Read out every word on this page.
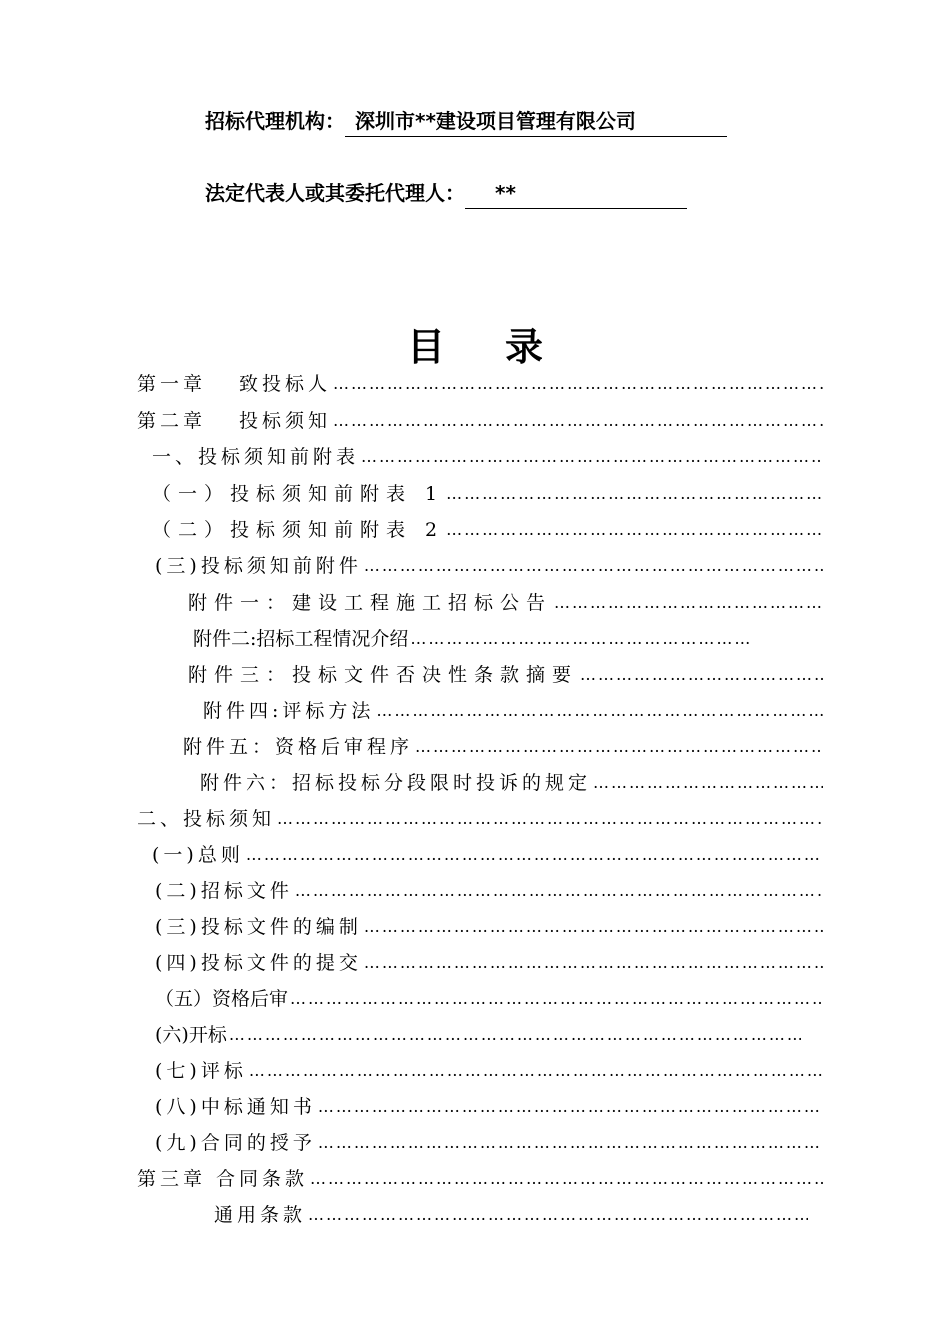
招标代理机构： 深圳市**建设项目管理有限公司
法定代表人或其委托代理人： **
目录
第一章　 致投标人
………………………………………………………………………………………………………………………………
第二章　 投标须知
………………………………………………………………………………………………………………………………
一、投标须知前附表
………………………………………………………………………………………………………………………………
（一）投标须知前附表 1
………………………………………………………………………………………………………………………………
（二）投标须知前附表 2
………………………………………………………………………………………………………………………………
(三)投标须知前附件
………………………………………………………………………………………………………………………………
附件一：建设工程施工招标公告
………………………………………………………………………………………………………………………………
附件二:招标工程情况介绍
………………………………………………………………………………………………………………………………
附件三：投标文件否决性条款摘要
………………………………………………………………………………………………………………………………
附件四:评标方法
………………………………………………………………………………………………………………………………
附件五：资格后审程序
………………………………………………………………………………………………………………………………
附件六：招标投标分段限时投诉的规定
………………………………………………………………………………………………………………………………
二、投标须知
………………………………………………………………………………………………………………………………
(一)总则
………………………………………………………………………………………………………………………………
(二)招标文件
………………………………………………………………………………………………………………………………
(三)投标文件的编制
………………………………………………………………………………………………………………………………
(四)投标文件的提交
………………………………………………………………………………………………………………………………
（五）资格后审
………………………………………………………………………………………………………………………………
(六)开标
………………………………………………………………………………………………………………………………
(七)评标
………………………………………………………………………………………………………………………………
(八)中标通知书
………………………………………………………………………………………………………………………………
(九)合同的授予
………………………………………………………………………………………………………………………………
第三章 合同条款
………………………………………………………………………………………………………………………………
通用条款
………………………………………………………………………………………………………………………………
